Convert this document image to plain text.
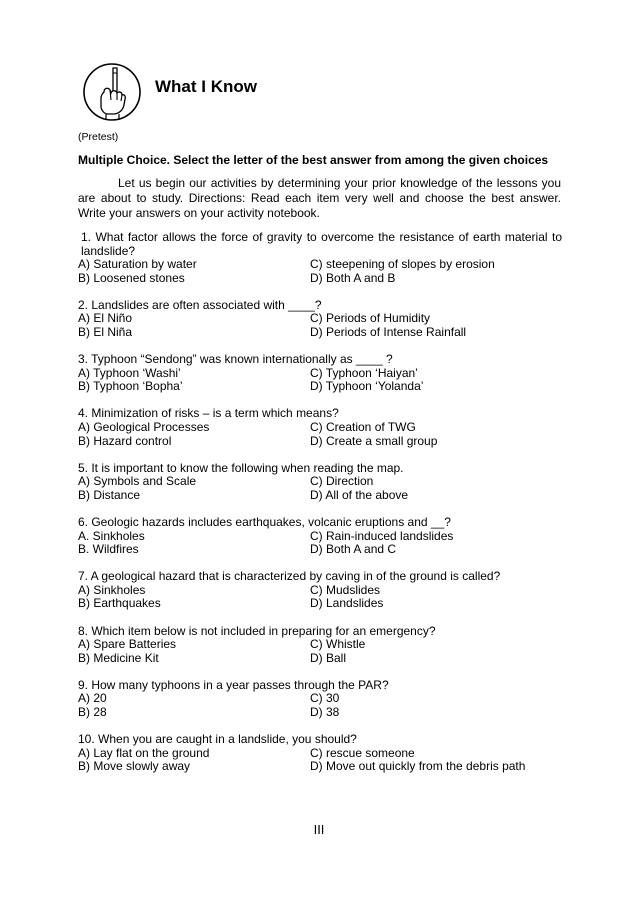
What I Know
(Pretest)
Multiple Choice. Select the letter of the best answer from among the given choices
Let us begin our activities by determining your prior knowledge of the lessons you are about to study. Directions: Read each item very well and choose the best answer. Write your answers on your activity notebook.
1. What factor allows the force of gravity to overcome the resistance of earth material to landslide?
A) Saturation by water	C) steepening of slopes by erosion
B) Loosened stones	D) Both A and B
2. Landslides are often associated with ____?
A) El Niño	C) Periods of Humidity
B) El Niña	D) Periods of Intense Rainfall
3. Typhoon “Sendong” was known internationally as ____ ?
A) Typhoon ‘Washi’	C) Typhoon ‘Haiyan’
B) Typhoon ‘Bopha’	D) Typhoon ‘Yolanda’
4. Minimization of risks – is a term which means?
A) Geological Processes	C) Creation of TWG
B) Hazard control	D) Create a small group
5. It is important to know the following when reading the map.
A) Symbols and Scale	C) Direction
B) Distance	D) All of the above
6. Geologic hazards includes earthquakes, volcanic eruptions and __?
A. Sinkholes	C) Rain-induced landslides
B. Wildfires	D) Both A and C
7. A geological hazard that is characterized by caving in of the ground is called?
A) Sinkholes	C) Mudslides
B) Earthquakes	D) Landslides
8. Which item below is not included in preparing for an emergency?
A) Spare Batteries	C) Whistle
B) Medicine Kit	D) Ball
9. How many typhoons in a year passes through the PAR?
A) 20	C) 30
B) 28	D) 38
10. When you are caught in a landslide, you should?
A) Lay flat on the ground	C) rescue someone
B) Move slowly away	D) Move out quickly from the debris path
III
